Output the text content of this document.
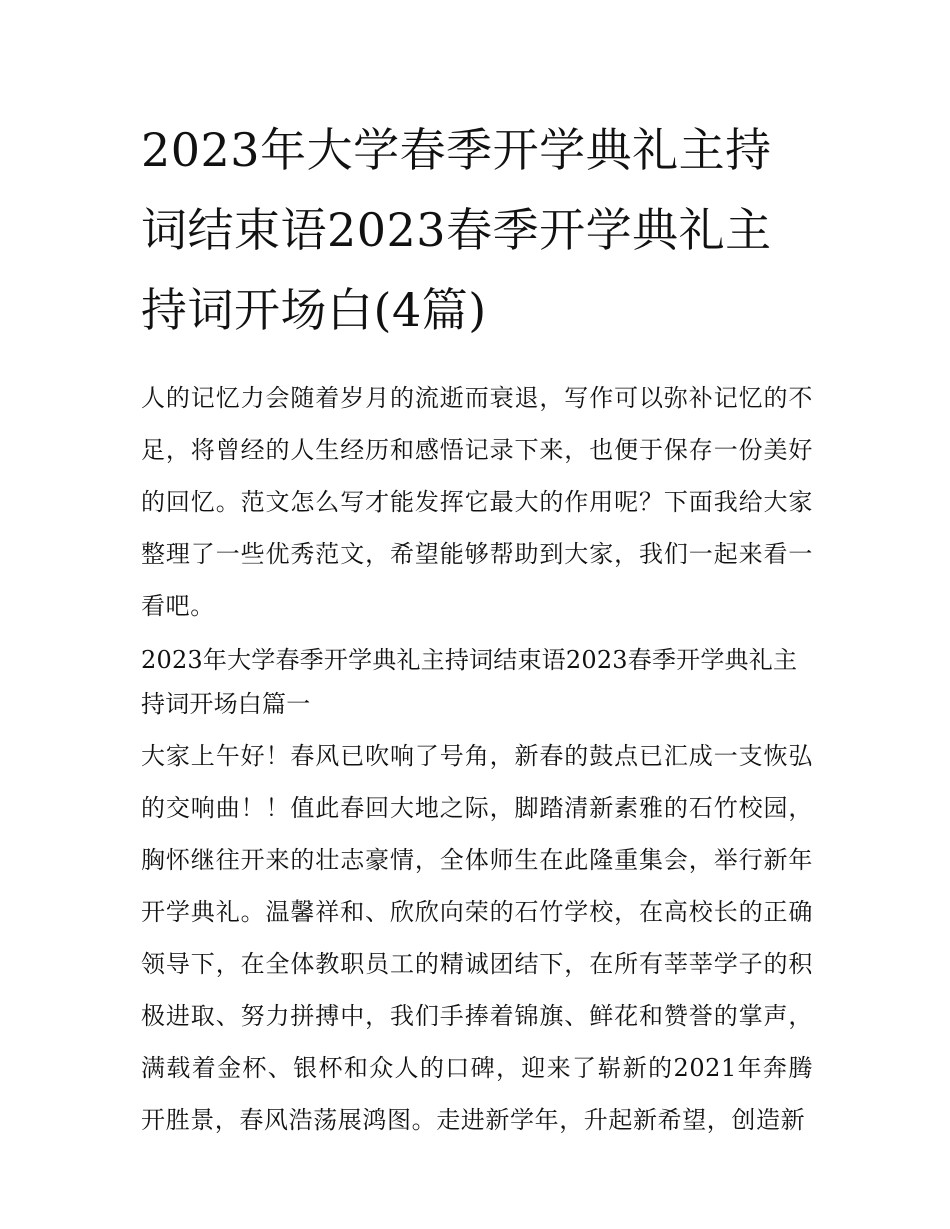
2023年大学春季开学典礼主持词结束语2023春季开学典礼主持词开场白(4篇)

人的记忆力会随着岁月的流逝而衰退，写作可以弥补记忆的不足，将曾经的人生经历和感悟记录下来，也便于保存一份美好的回忆。范文怎么写才能发挥它最大的作用呢？下面我给大家整理了一些优秀范文，希望能够帮助到大家，我们一起来看一看吧。

2023年大学春季开学典礼主持词结束语2023春季开学典礼主持词开场白篇一

大家上午好！春风已吹响了号角，新春的鼓点已汇成一支恢弘的交响曲！！值此春回大地之际，脚踏清新素雅的石竹校园，胸怀继往开来的壮志豪情，全体师生在此隆重集会，举行新年开学典礼。温馨祥和、欣欣向荣的石竹学校，在高校长的正确领导下，在全体教职员工的精诚团结下，在所有莘莘学子的积极进取、努力拼搏中，我们手捧着锦旗、鲜花和赞誉的掌声，满载着金杯、银杯和众人的口碑，迎来了崭新的2021年奔腾开胜景，春风浩荡展鸿图。走进新学年，升起新希望，创造新
